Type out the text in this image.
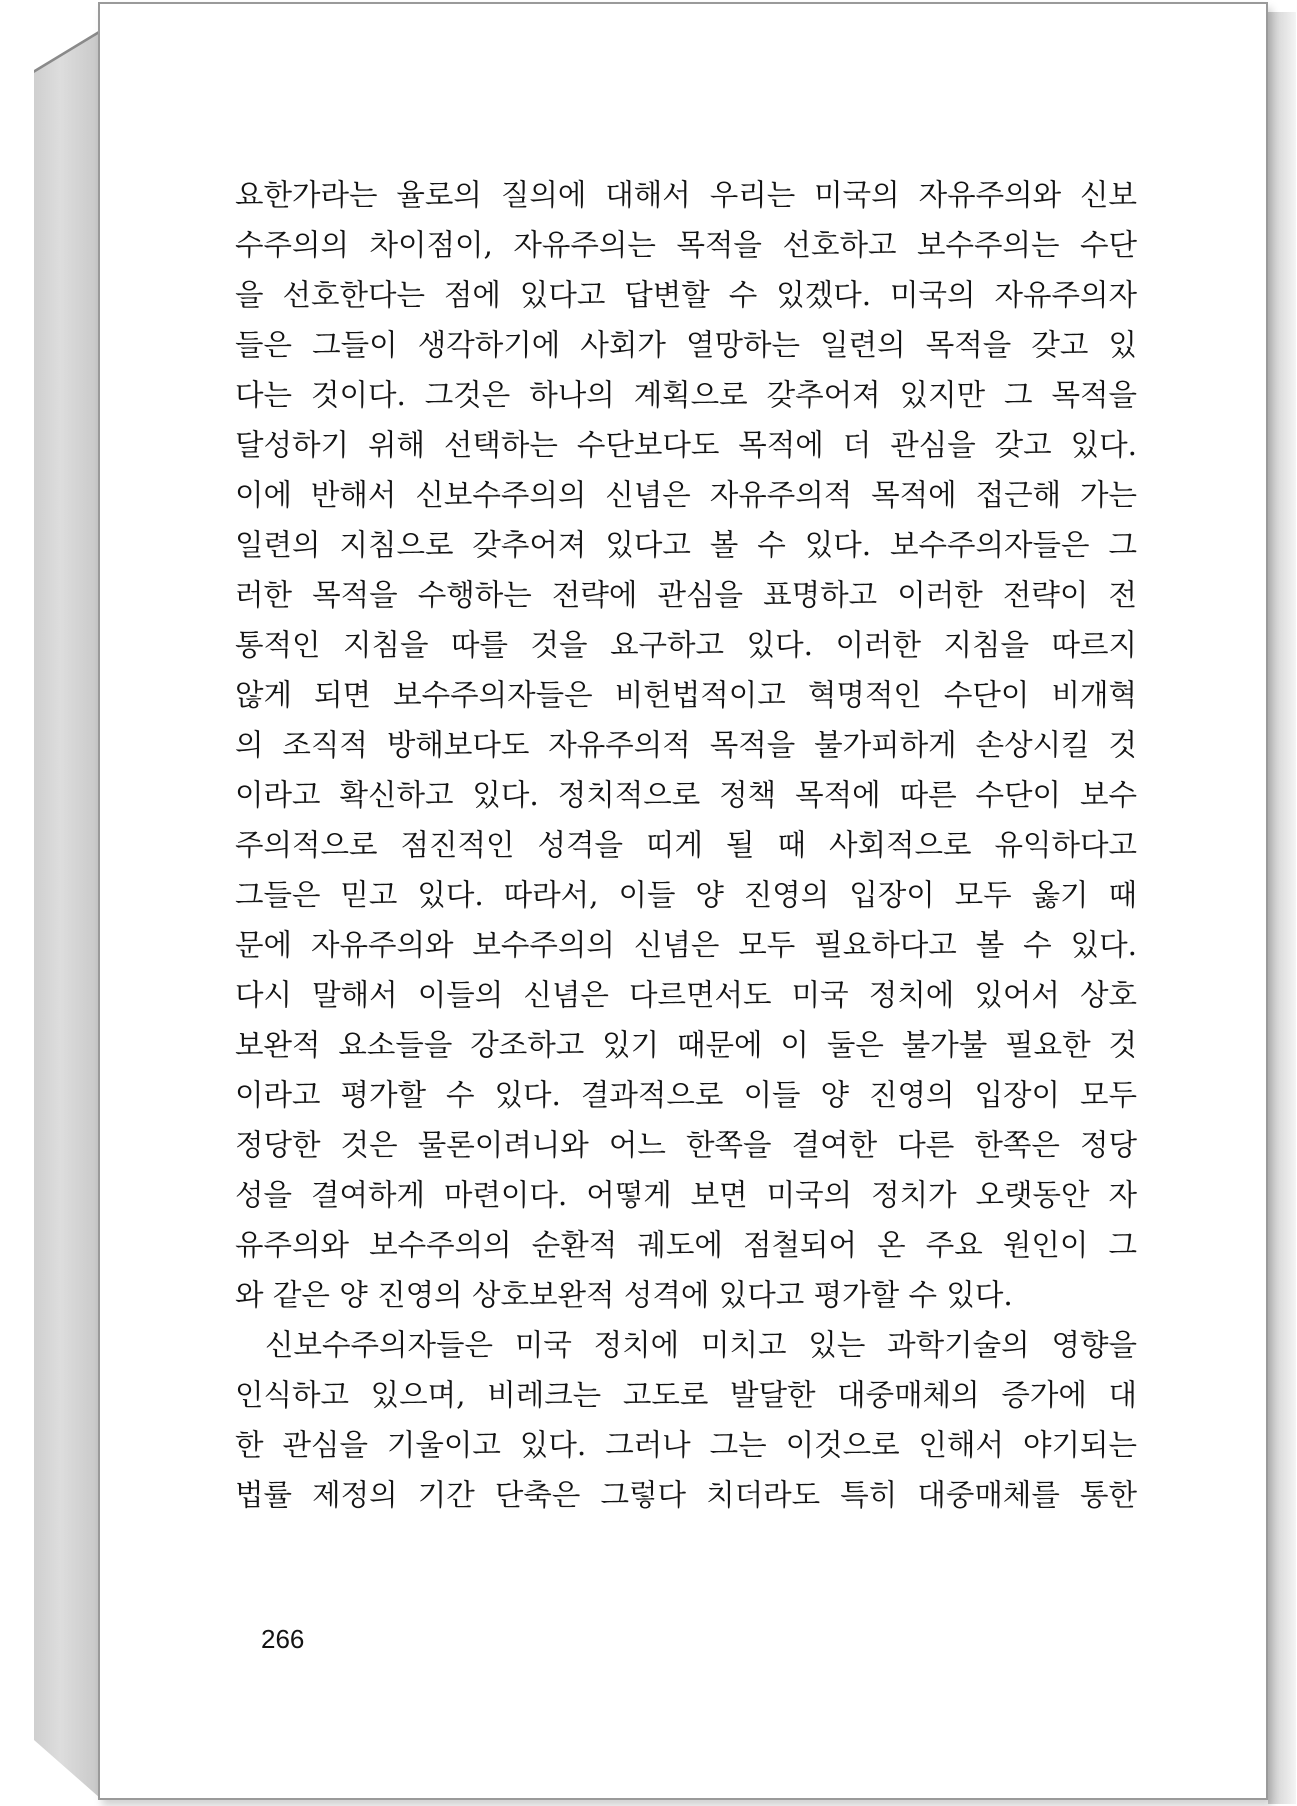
요한가라는 율로의 질의에 대해서 우리는 미국의 자유주의와 신보
수주의의 차이점이, 자유주의는 목적을 선호하고 보수주의는 수단
을 선호한다는 점에 있다고 답변할 수 있겠다. 미국의 자유주의자
들은 그들이 생각하기에 사회가 열망하는 일련의 목적을 갖고 있
다는 것이다. 그것은 하나의 계획으로 갖추어져 있지만 그 목적을
달성하기 위해 선택하는 수단보다도 목적에 더 관심을 갖고 있다.
이에 반해서 신보수주의의 신념은 자유주의적 목적에 접근해 가는
일련의 지침으로 갖추어져 있다고 볼 수 있다. 보수주의자들은 그
러한 목적을 수행하는 전략에 관심을 표명하고 이러한 전략이 전
통적인 지침을 따를 것을 요구하고 있다. 이러한 지침을 따르지
않게 되면 보수주의자들은 비헌법적이고 혁명적인 수단이 비개혁
의 조직적 방해보다도 자유주의적 목적을 불가피하게 손상시킬 것
이라고 확신하고 있다. 정치적으로 정책 목적에 따른 수단이 보수
주의적으로 점진적인 성격을 띠게 될 때 사회적으로 유익하다고
그들은 믿고 있다. 따라서, 이들 양 진영의 입장이 모두 옳기 때
문에 자유주의와 보수주의의 신념은 모두 필요하다고 볼 수 있다.
다시 말해서 이들의 신념은 다르면서도 미국 정치에 있어서 상호
보완적 요소들을 강조하고 있기 때문에 이 둘은 불가불 필요한 것
이라고 평가할 수 있다. 결과적으로 이들 양 진영의 입장이 모두
정당한 것은 물론이려니와 어느 한쪽을 결여한 다른 한쪽은 정당
성을 결여하게 마련이다. 어떻게 보면 미국의 정치가 오랫동안 자
유주의와 보수주의의 순환적 궤도에 점철되어 온 주요 원인이 그
와 같은 양 진영의 상호보완적 성격에 있다고 평가할 수 있다.
신보수주의자들은 미국 정치에 미치고 있는 과학기술의 영향을
인식하고 있으며, 비레크는 고도로 발달한 대중매체의 증가에 대
한 관심을 기울이고 있다. 그러나 그는 이것으로 인해서 야기되는
법률 제정의 기간 단축은 그렇다 치더라도 특히 대중매체를 통한
266
